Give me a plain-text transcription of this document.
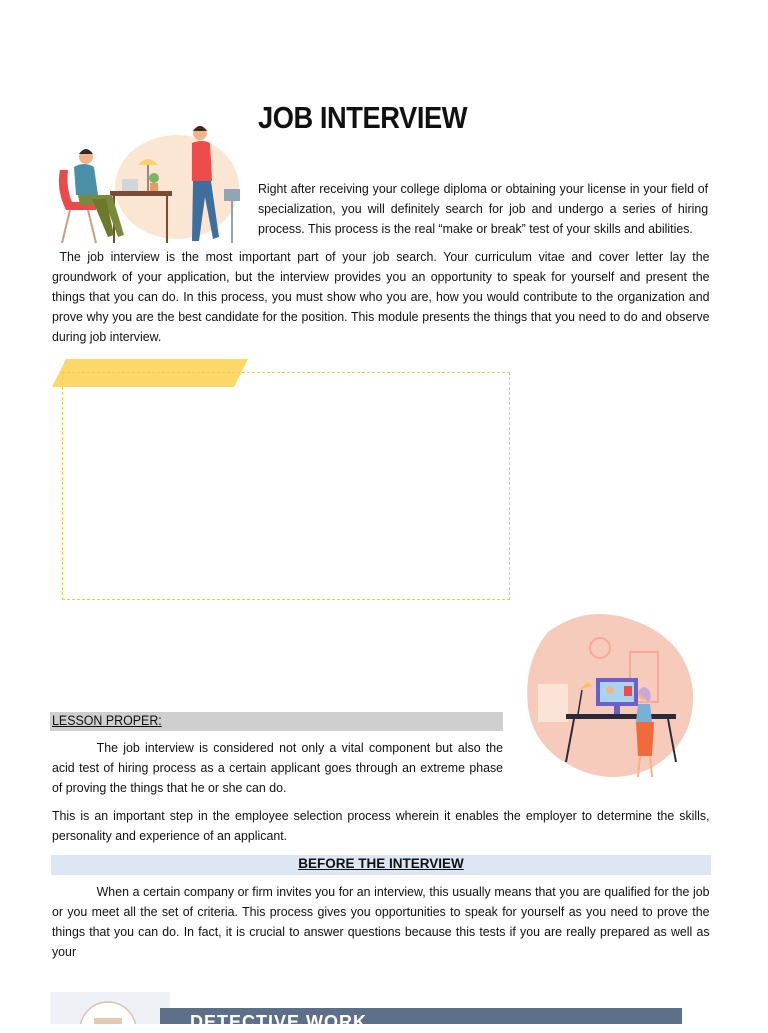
JOB INTERVIEW

Right after receiving your college diploma or obtaining your license in your field of specialization, you will definitely search for job and undergo a series of hiring process. This process is the real “make or break” test of your skills and abilities.

The job interview is the most important part of your job search. Your curriculum vitae and cover letter lay the groundwork of your application, but the interview provides you an opportunity to speak for yourself and present the things that you can do. In this process, you must show who you are, how you would contribute to the organization and prove why you are the best candidate for the position. This module presents the things that you need to do and observe during job interview.

LESSON PROPER:

The job interview is considered not only a vital component but also the acid test of hiring process as a certain applicant goes through an extreme phase of proving the things that he or she can do.

This is an important step in the employee selection process wherein it enables the employer to determine the skills, personality and experience of an applicant.

BEFORE THE INTERVIEW

When a certain company or firm invites you for an interview, this usually means that you are qualified for the job or you meet all the set of criteria. This process gives you opportunities to speak for yourself as you need to prove the things that you can do. In fact, it is crucial to answer questions because this tests if you are really prepared as well as your

DETECTIVE WORK
